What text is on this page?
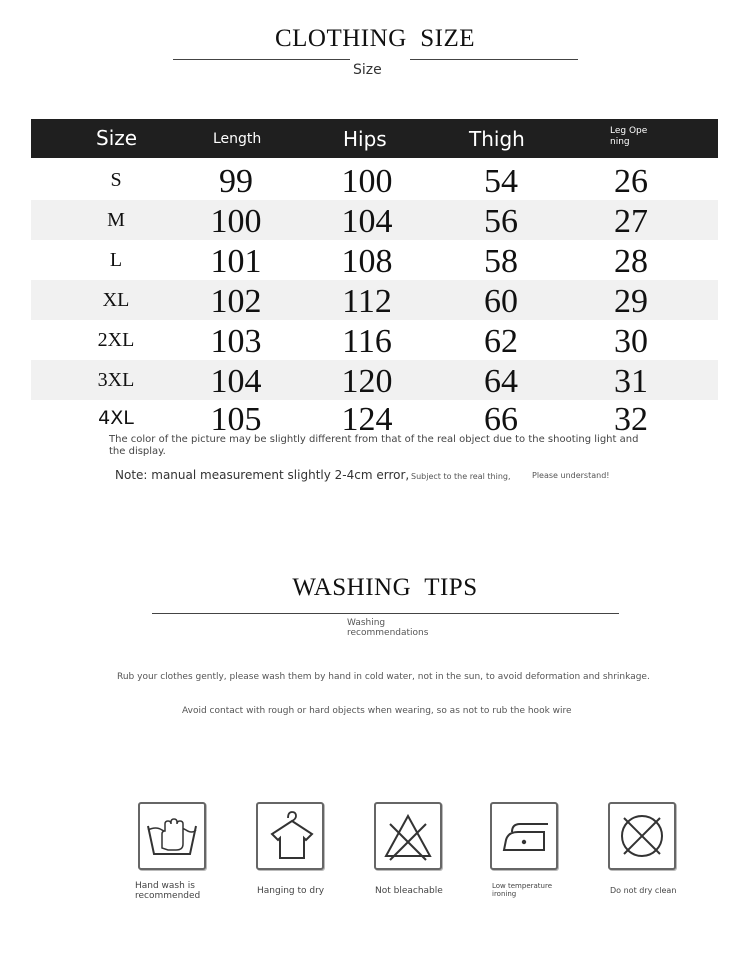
CLOTHING  SIZE
Size
Size	Length	Hips	Thigh	Leg Ope ning
S	99	100	54	26
M	100	104	56	27
L	101	108	58	28
XL	102	112	60	29
2XL	103	116	62	30
3XL	104	120	64	31
4XL	105	124	66	32
The color of the picture may be slightly different from that of the real object due to the shooting light and the display.
Note: manual measurement slightly 2-4cm error, Subject to the real thing,	Please understand!
WASHING  TIPS
Washing recommendations
Rub your clothes gently, please wash them by hand in cold water, not in the sun, to avoid deformation and shrinkage.
Avoid contact with rough or hard objects when wearing, so as not to rub the hook wire
Hand wash is recommended	Hanging to dry	Not bleachable	Low temperature ironing	Do not dry clean
